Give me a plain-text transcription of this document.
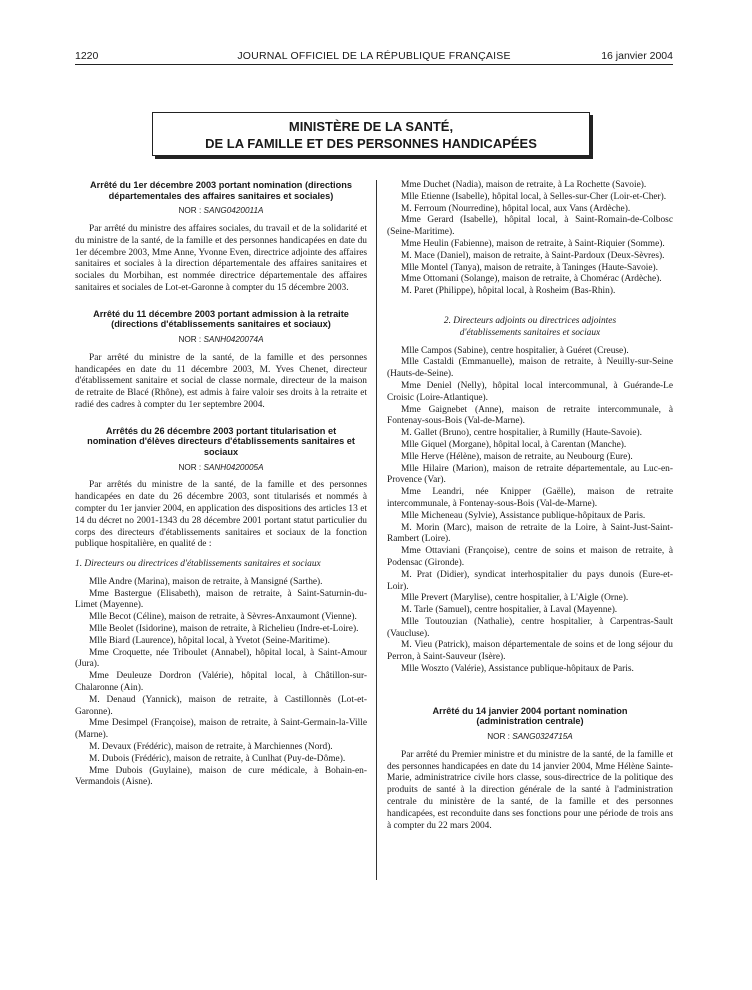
1220	JOURNAL OFFICIEL DE LA RÉPUBLIQUE FRANÇAISE	16 janvier 2004
MINISTÈRE DE LA SANTÉ,
DE LA FAMILLE ET DES PERSONNES HANDICAPÉES
Arrêté du 1er décembre 2003 portant nomination (directions départementales des affaires sanitaires et sociales)
NOR : SANG0420011A

Par arrêté du ministre des affaires sociales, du travail et de la solidarité et du ministre de la santé, de la famille et des personnes handicapées en date du 1er décembre 2003, Mme Anne, Yvonne Even, directrice adjointe des affaires sanitaires et sociales à la direction départementale des affaires sanitaires et sociales du Morbihan, est nommée directrice départementale des affaires sanitaires et sociales de Lot-et-Garonne à compter du 15 décembre 2003.

Arrêté du 11 décembre 2003 portant admission à la retraite (directions d'établissements sanitaires et sociaux)
NOR : SANH0420074A

Par arrêté du ministre de la santé, de la famille et des personnes handicapées en date du 11 décembre 2003, M. Yves Chenet, directeur d'établissement sanitaire et social de classe normale, directeur de la maison de retraite de Blacé (Rhône), est admis à faire valoir ses droits à la retraite et radié des cadres à compter du 1er septembre 2004.

Arrêtés du 26 décembre 2003 portant titularisation et nomination d'élèves directeurs d'établissements sanitaires et sociaux
NOR : SANH0420005A

Par arrêtés du ministre de la santé, de la famille et des personnes handicapées en date du 26 décembre 2003, sont titularisés et nommés à compter du 1er janvier 2004, en application des dispositions des articles 13 et 14 du décret no 2001-1343 du 28 décembre 2001 portant statut particulier du corps des directeurs d'établissements sanitaires et sociaux de la fonction publique hospitalière, en qualité de :

1. Directeurs ou directrices d'établissements sanitaires et sociaux

Mlle Andre (Marina), maison de retraite, à Mansigné (Sarthe).

Mme Bastergue (Elisabeth), maison de retraite, à Saint-Saturnin-du-Limet (Mayenne).

Mlle Becot (Céline), maison de retraite, à Sèvres-Anxaumont (Vienne).

Mlle Beolet (Isidorine), maison de retraite, à Richelieu (Indre-et-Loire).

Mlle Biard (Laurence), hôpital local, à Yvetot (Seine-Maritime).

Mme Croquette, née Triboulet (Annabel), hôpital local, à Saint-Amour (Jura).

Mme Deuleuze Dordron (Valérie), hôpital local, à Châtillon-sur-Chalaronne (Ain).

M. Denaud (Yannick), maison de retraite, à Castillonnès (Lot-et-Garonne).

Mme Desimpel (Françoise), maison de retraite, à Saint-Germain-la-Ville (Marne).

M. Devaux (Frédéric), maison de retraite, à Marchiennes (Nord).

M. Dubois (Frédéric), maison de retraite, à Cunlhat (Puy-de-Dôme).

Mme Dubois (Guylaine), maison de cure médicale, à Bohain-en-Vermandois (Aisne).

Mme Duchet (Nadia), maison de retraite, à La Rochette (Savoie).

Mlle Etienne (Isabelle), hôpital local, à Selles-sur-Cher (Loir-et-Cher).

M. Ferroum (Nourredine), hôpital local, aux Vans (Ardèche).

Mme Gerard (Isabelle), hôpital local, à Saint-Romain-de-Colbosc (Seine-Maritime).

Mme Heulin (Fabienne), maison de retraite, à Saint-Riquier (Somme).

M. Mace (Daniel), maison de retraite, à Saint-Pardoux (Deux-Sèvres).

Mlle Montel (Tanya), maison de retraite, à Taninges (Haute-Savoie).

Mme Ottomani (Solange), maison de retraite, à Chomérac (Ardèche).

M. Paret (Philippe), hôpital local, à Rosheim (Bas-Rhin).

2. Directeurs adjoints ou directrices adjointes
d'établissements sanitaires et sociaux

Mlle Campos (Sabine), centre hospitalier, à Guéret (Creuse).

Mlle Castaldi (Emmanuelle), maison de retraite, à Neuilly-sur-Seine (Hauts-de-Seine).

Mme Deniel (Nelly), hôpital local intercommunal, à Guérande-Le Croisic (Loire-Atlantique).

Mme Gaignebet (Anne), maison de retraite intercommunale, à Fontenay-sous-Bois (Val-de-Marne).

M. Gallet (Bruno), centre hospitalier, à Rumilly (Haute-Savoie).

Mlle Giquel (Morgane), hôpital local, à Carentan (Manche).

Mlle Herve (Hélène), maison de retraite, au Neubourg (Eure).

Mlle Hilaire (Marion), maison de retraite départementale, au Luc-en-Provence (Var).

Mme Leandri, née Knipper (Gaëlle), maison de retraite intercommunale, à Fontenay-sous-Bois (Val-de-Marne).

Mlle Micheneau (Sylvie), Assistance publique-hôpitaux de Paris.

M. Morin (Marc), maison de retraite de la Loire, à Saint-Just-Saint-Rambert (Loire).

Mme Ottaviani (Françoise), centre de soins et maison de retraite, à Podensac (Gironde).

M. Prat (Didier), syndicat interhospitalier du pays dunois (Eure-et-Loir).

Mlle Prevert (Marylise), centre hospitalier, à L'Aigle (Orne).

M. Tarle (Samuel), centre hospitalier, à Laval (Mayenne).

Mlle Toutouzian (Nathalie), centre hospitalier, à Carpentras-Sault (Vaucluse).

M. Vieu (Patrick), maison départementale de soins et de long séjour du Perron, à Saint-Sauveur (Isère).

Mlle Woszto (Valérie), Assistance publique-hôpitaux de Paris.

Arrêté du 14 janvier 2004 portant nomination (administration centrale)
NOR : SANG0324715A

Par arrêté du Premier ministre et du ministre de la santé, de la famille et des personnes handicapées en date du 14 janvier 2004, Mme Hélène Sainte-Marie, administratrice civile hors classe, sous-directrice de la politique des produits de santé à la direction générale de la santé à l'administration centrale du ministère de la santé, de la famille et des personnes handicapées, est reconduite dans ses fonctions pour une période de trois ans à compter du 22 mars 2004.
